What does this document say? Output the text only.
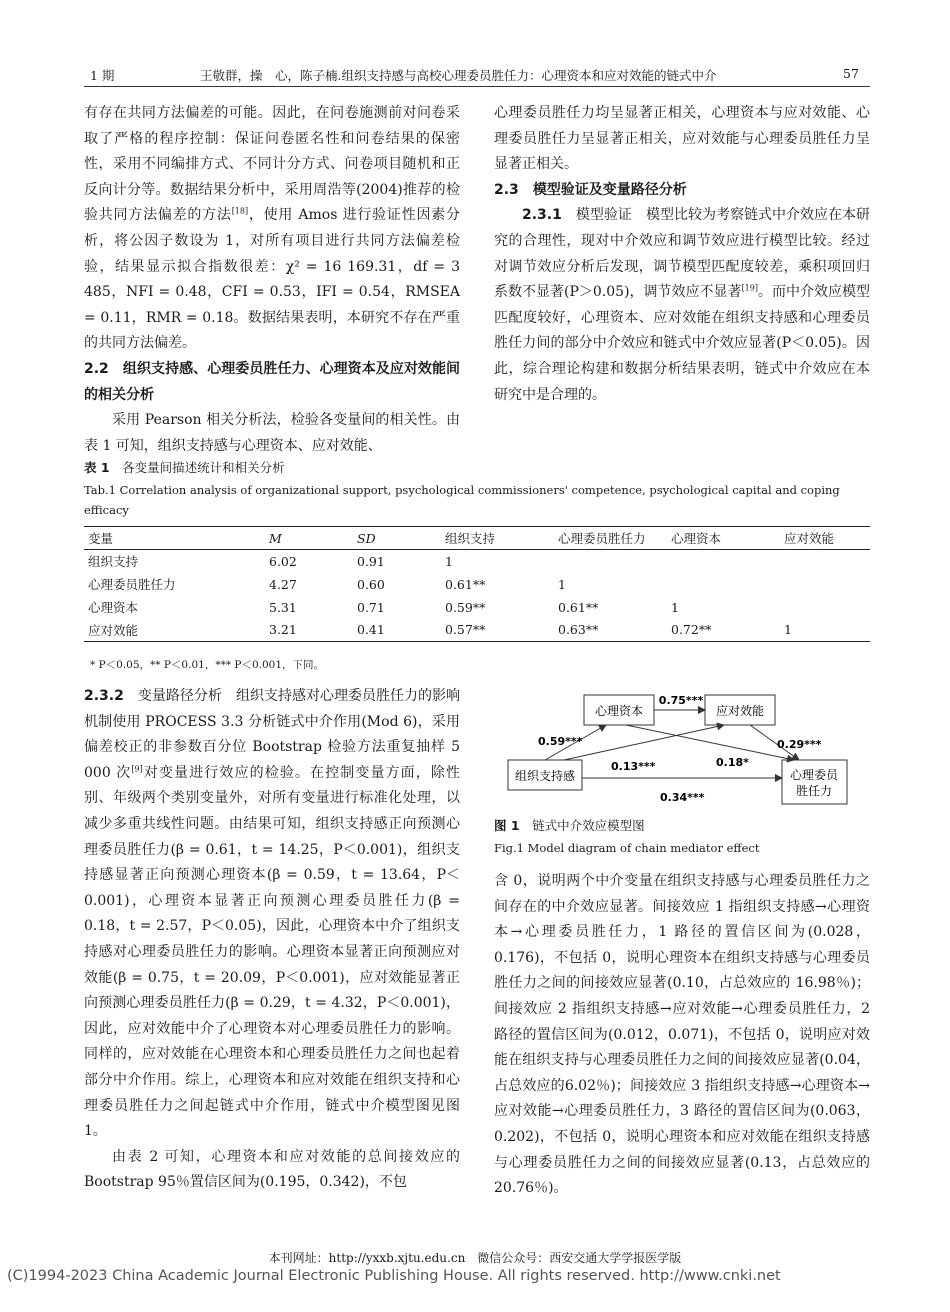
1 期	王敬群，操　心，陈子楠.组织支持感与高校心理委员胜任力：心理资本和应对效能的链式中介	57

有存在共同方法偏差的可能。因此，在问卷施测前对问卷采取了严格的程序控制：保证问卷匿名性和问卷结果的保密性，采用不同编排方式、不同计分方式、问卷项目随机和正反向计分等。数据结果分析中，采用周浩等(2004)推荐的检验共同方法偏差的方法[18]，使用 Amos 进行验证性因素分析，将公因子数设为 1，对所有项目进行共同方法偏差检验，结果显示拟合指数很差：χ² = 16 169.31，df = 3 485，NFI = 0.48，CFI = 0.53，IFI = 0.54，RMSEA = 0.11，RMR = 0.18。数据结果表明，本研究不存在严重的共同方法偏差。

2.2　 组织支持感、心理委员胜任力、心理资本及应对效能间的相关分析

采用 Pearson 相关分析法，检验各变量间的相关性。由表 1 可知，组织支持感与心理资本、应对效能、

心理委员胜任力均呈显著正相关，心理资本与应对效能、心理委员胜任力呈显著正相关，应对效能与心理委员胜任力呈显著正相关。

2.3　 模型验证及变量路径分析

2.3.1　 模型验证　 模型比较为考察链式中介效应在本研究的合理性，现对中介效应和调节效应进行模型比较。经过对调节效应分析后发现，调节模型匹配度较差，乘积项回归系数不显著(P＞0.05)，调节效应不显著[19]。而中介效应模型匹配度较好，心理资本、应对效能在组织支持感和心理委员胜任力间的部分中介效应和链式中介效应显著(P＜0.05)。因此，综合理论构建和数据分析结果表明，链式中介效应在本研究中是合理的。

表 1　 各变量间描述统计和相关分析
Tab.1 Correlation analysis of organizational support, psychological commissioners' competence, psychological capital and coping efficacy
变量	M	SD	组织支持	心理委员胜任力	心理资本	应对效能
组织支持	6.02	0.91	1			
心理委员胜任力	4.27	0.60	0.61**	1		
心理资本	5.31	0.71	0.59**	0.61**	1	
应对效能	3.21	0.41	0.57**	0.63**	0.72**	1
* P＜0.05，** P＜0.01，*** P＜0.001，下同。

2.3.2　 变量路径分析　 组织支持感对心理委员胜任力的影响机制使用 PROCESS 3.3 分析链式中介作用(Mod 6)，采用偏差校正的非参数百分位 Bootstrap 检验方法重复抽样 5 000 次[9]对变量进行效应的检验。在控制变量方面，除性别、年级两个类别变量外，对所有变量进行标准化处理，以减少多重共线性问题。由结果可知，组织支持感正向预测心理委员胜任力(β = 0.61，t = 14.25，P＜0.001)，组织支持感显著正向预测心理资本(β = 0.59，t = 13.64，P＜0.001)，心理资本显著正向预测心理委员胜任力(β = 0.18，t = 2.57，P＜0.05)，因此，心理资本中介了组织支持感对心理委员胜任力的影响。心理资本显著正向预测应对效能(β = 0.75，t = 20.09，P＜0.001)，应对效能显著正向预测心理委员胜任力(β = 0.29，t = 4.32，P＜0.001)，因此，应对效能中介了心理资本对心理委员胜任力的影响。同样的，应对效能在心理资本和心理委员胜任力之间也起着部分中介作用。综上，心理资本和应对效能在组织支持和心理委员胜任力之间起链式中介作用，链式中介模型图见图 1。

由表 2 可知，心理资本和应对效能的总间接效应的 Bootstrap 95％置信区间为(0.195，0.342)，不包

心理资本	应对效能
组织支持感	心理委员
胜任力
0.75***
0.59***
0.13***	0.18*
0.29***
0.34***
图 1　 链式中介效应模型图
Fig.1 Model diagram of chain mediator effect

含 0，说明两个中介变量在组织支持感与心理委员胜任力之间存在的中介效应显著。间接效应 1 指组织支持感→心理资本→心理委员胜任力，1 路径的置信区间为(0.028，0.176)，不包括 0，说明心理资本在组织支持感与心理委员胜任力之间的间接效应显著(0.10，占总效应的 16.98％)；间接效应 2 指组织支持感→应对效能→心理委员胜任力，2 路径的置信区间为(0.012，0.071)，不包括 0，说明应对效能在组织支持与心理委员胜任力之间的间接效应显著(0.04，占总效应的6.02％)；间接效应 3 指组织支持感→心理资本→应对效能→心理委员胜任力，3 路径的置信区间为(0.063，0.202)，不包括 0，说明心理资本和应对效能在组织支持感与心理委员胜任力之间的间接效应显著(0.13，占总效应的 20.76％)。

本刊网址：http://yxxb.xjtu.edu.cn　微信公众号：西安交通大学学报医学版
(C)1994-2023 China Academic Journal Electronic Publishing House. All rights reserved. http://www.cnki.net
